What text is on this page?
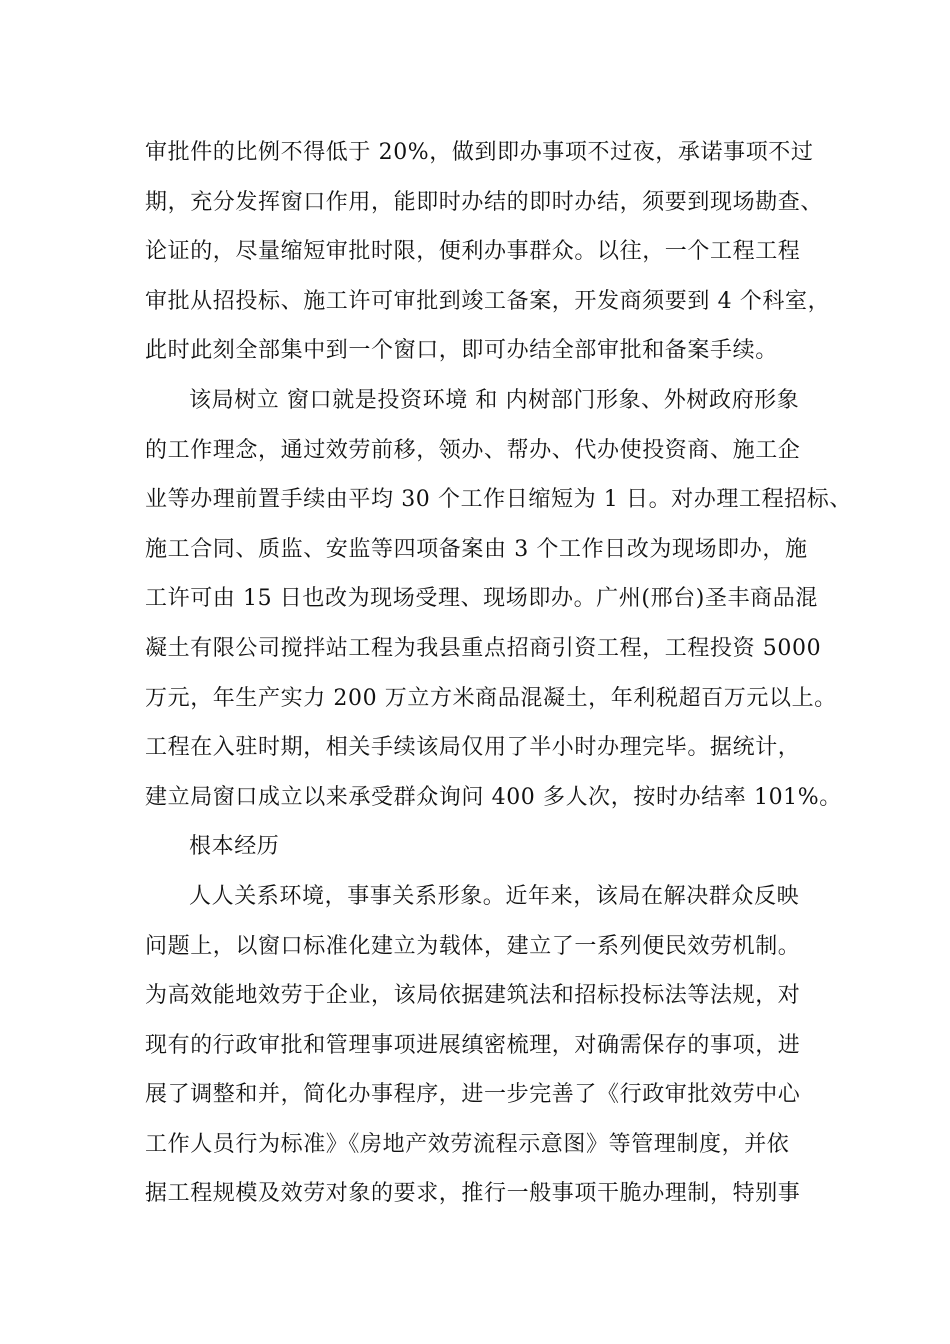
审批件的比例不得低于 20%，做到即办事项不过夜，承诺事项不过
期，充分发挥窗口作用，能即时办结的即时办结，须要到现场勘查、
论证的，尽量缩短审批时限，便利办事群众。以往，一个工程工程
审批从招投标、施工许可审批到竣工备案，开发商须要到 4 个科室，
此时此刻全部集中到一个窗口，即可办结全部审批和备案手续。
该局树立 窗口就是投资环境 和 内树部门形象、外树政府形象
的工作理念，通过效劳前移，领办、帮办、代办使投资商、施工企
业等办理前置手续由平均 30 个工作日缩短为 1 日。对办理工程招标、
施工合同、质监、安监等四项备案由 3 个工作日改为现场即办，施
工许可由 15 日也改为现场受理、现场即办。广州(邢台)圣丰商品混
凝土有限公司搅拌站工程为我县重点招商引资工程，工程投资 5000
万元，年生产实力 200 万立方米商品混凝土，年利税超百万元以上。
工程在入驻时期，相关手续该局仅用了半小时办理完毕。据统计，
建立局窗口成立以来承受群众询问 400 多人次，按时办结率 101%。
根本经历
人人关系环境，事事关系形象。近年来，该局在解决群众反映
问题上，以窗口标准化建立为载体，建立了一系列便民效劳机制。
为高效能地效劳于企业，该局依据建筑法和招标投标法等法规，对
现有的行政审批和管理事项进展缜密梳理，对确需保存的事项，进
展了调整和并，简化办事程序，进一步完善了《行政审批效劳中心
工作人员行为标准》《房地产效劳流程示意图》等管理制度，并依
据工程规模及效劳对象的要求，推行一般事项干脆办理制，特别事
